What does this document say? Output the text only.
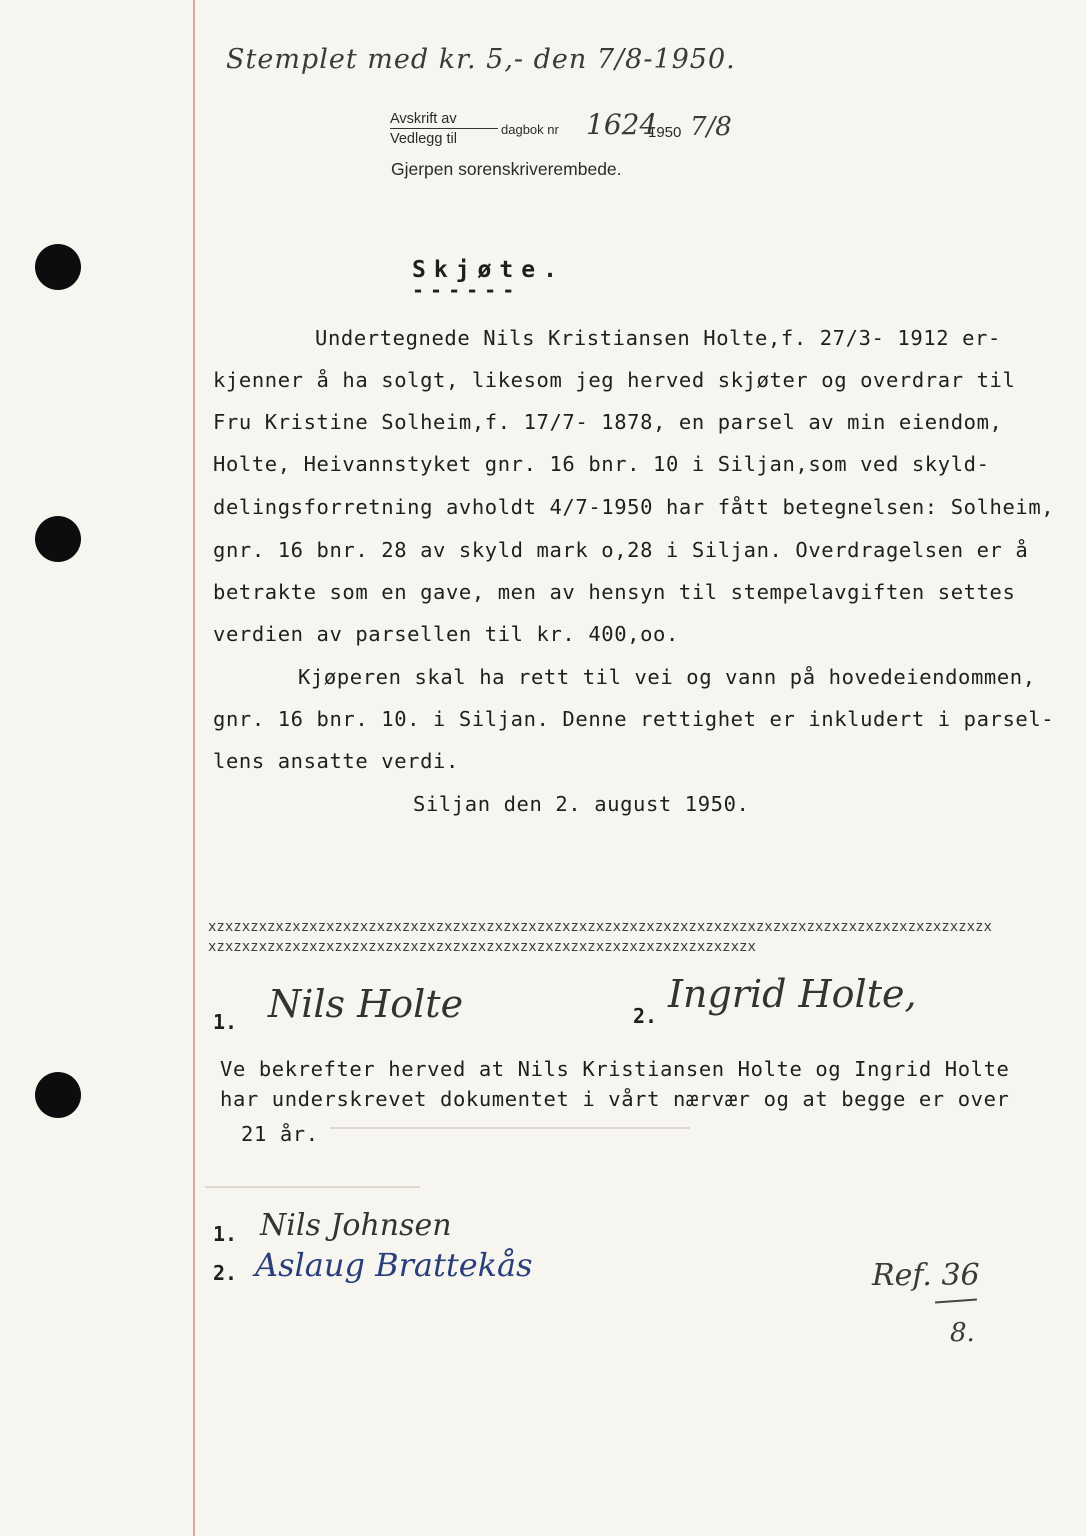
Stemplet med kr. 5,- den 7/8-1950.
Avskrift av
Vedlegg til
dagbok nr 1624
1950 7/8
Gjerpen sorenskriverembede.
Skjøte.
------
Undertegnede Nils Kristiansen Holte,f. 27/3- 1912 er-
kjenner å ha solgt, likesom jeg herved skjøter og overdrar til
Fru Kristine Solheim,f. 17/7- 1878, en parsel av min eiendom,
Holte, Heivannstyket gnr. 16 bnr. 10 i Siljan,som ved skyld-
delingsforretning avholdt 4/7-1950 har fått betegnelsen: Solheim,
gnr. 16 bnr. 28 av skyld mark o,28 i Siljan. Overdragelsen er å
betrakte som en gave, men av hensyn til stempelavgiften settes
verdien av parsellen til kr. 400,oo.
Kjøperen skal ha rett til vei og vann på hovedeiendommen,
gnr. 16 bnr. 10. i Siljan. Denne rettighet er inkludert i parsel-
lens ansatte verdi.
Siljan den 2. august 1950.
xzxzxzxzxzxzxzxzxzxzxzxzxzxzxzxzxzxzxzxzxzxzxzxzxzxzxzxzxzxzxzxzxzxzxzxzxzxzxzxzxzxzxzxzxzxzx
xzxzxzxzxzxzxzxzxzxzxzxzxzxzxzxzxzxzxzxzxzxzxzxzxzxzxzxzxzxzxzxzx
1. Nils Holte	2. Ingrid Holte,
Ve bekrefter herved at Nils Kristiansen Holte og Ingrid Holte
har underskrevet dokumentet i vårt nærvær og at begge er over
21 år.
1. Nils Johnsen
2. Aslaug Brattekås	Ref. 36
8.
